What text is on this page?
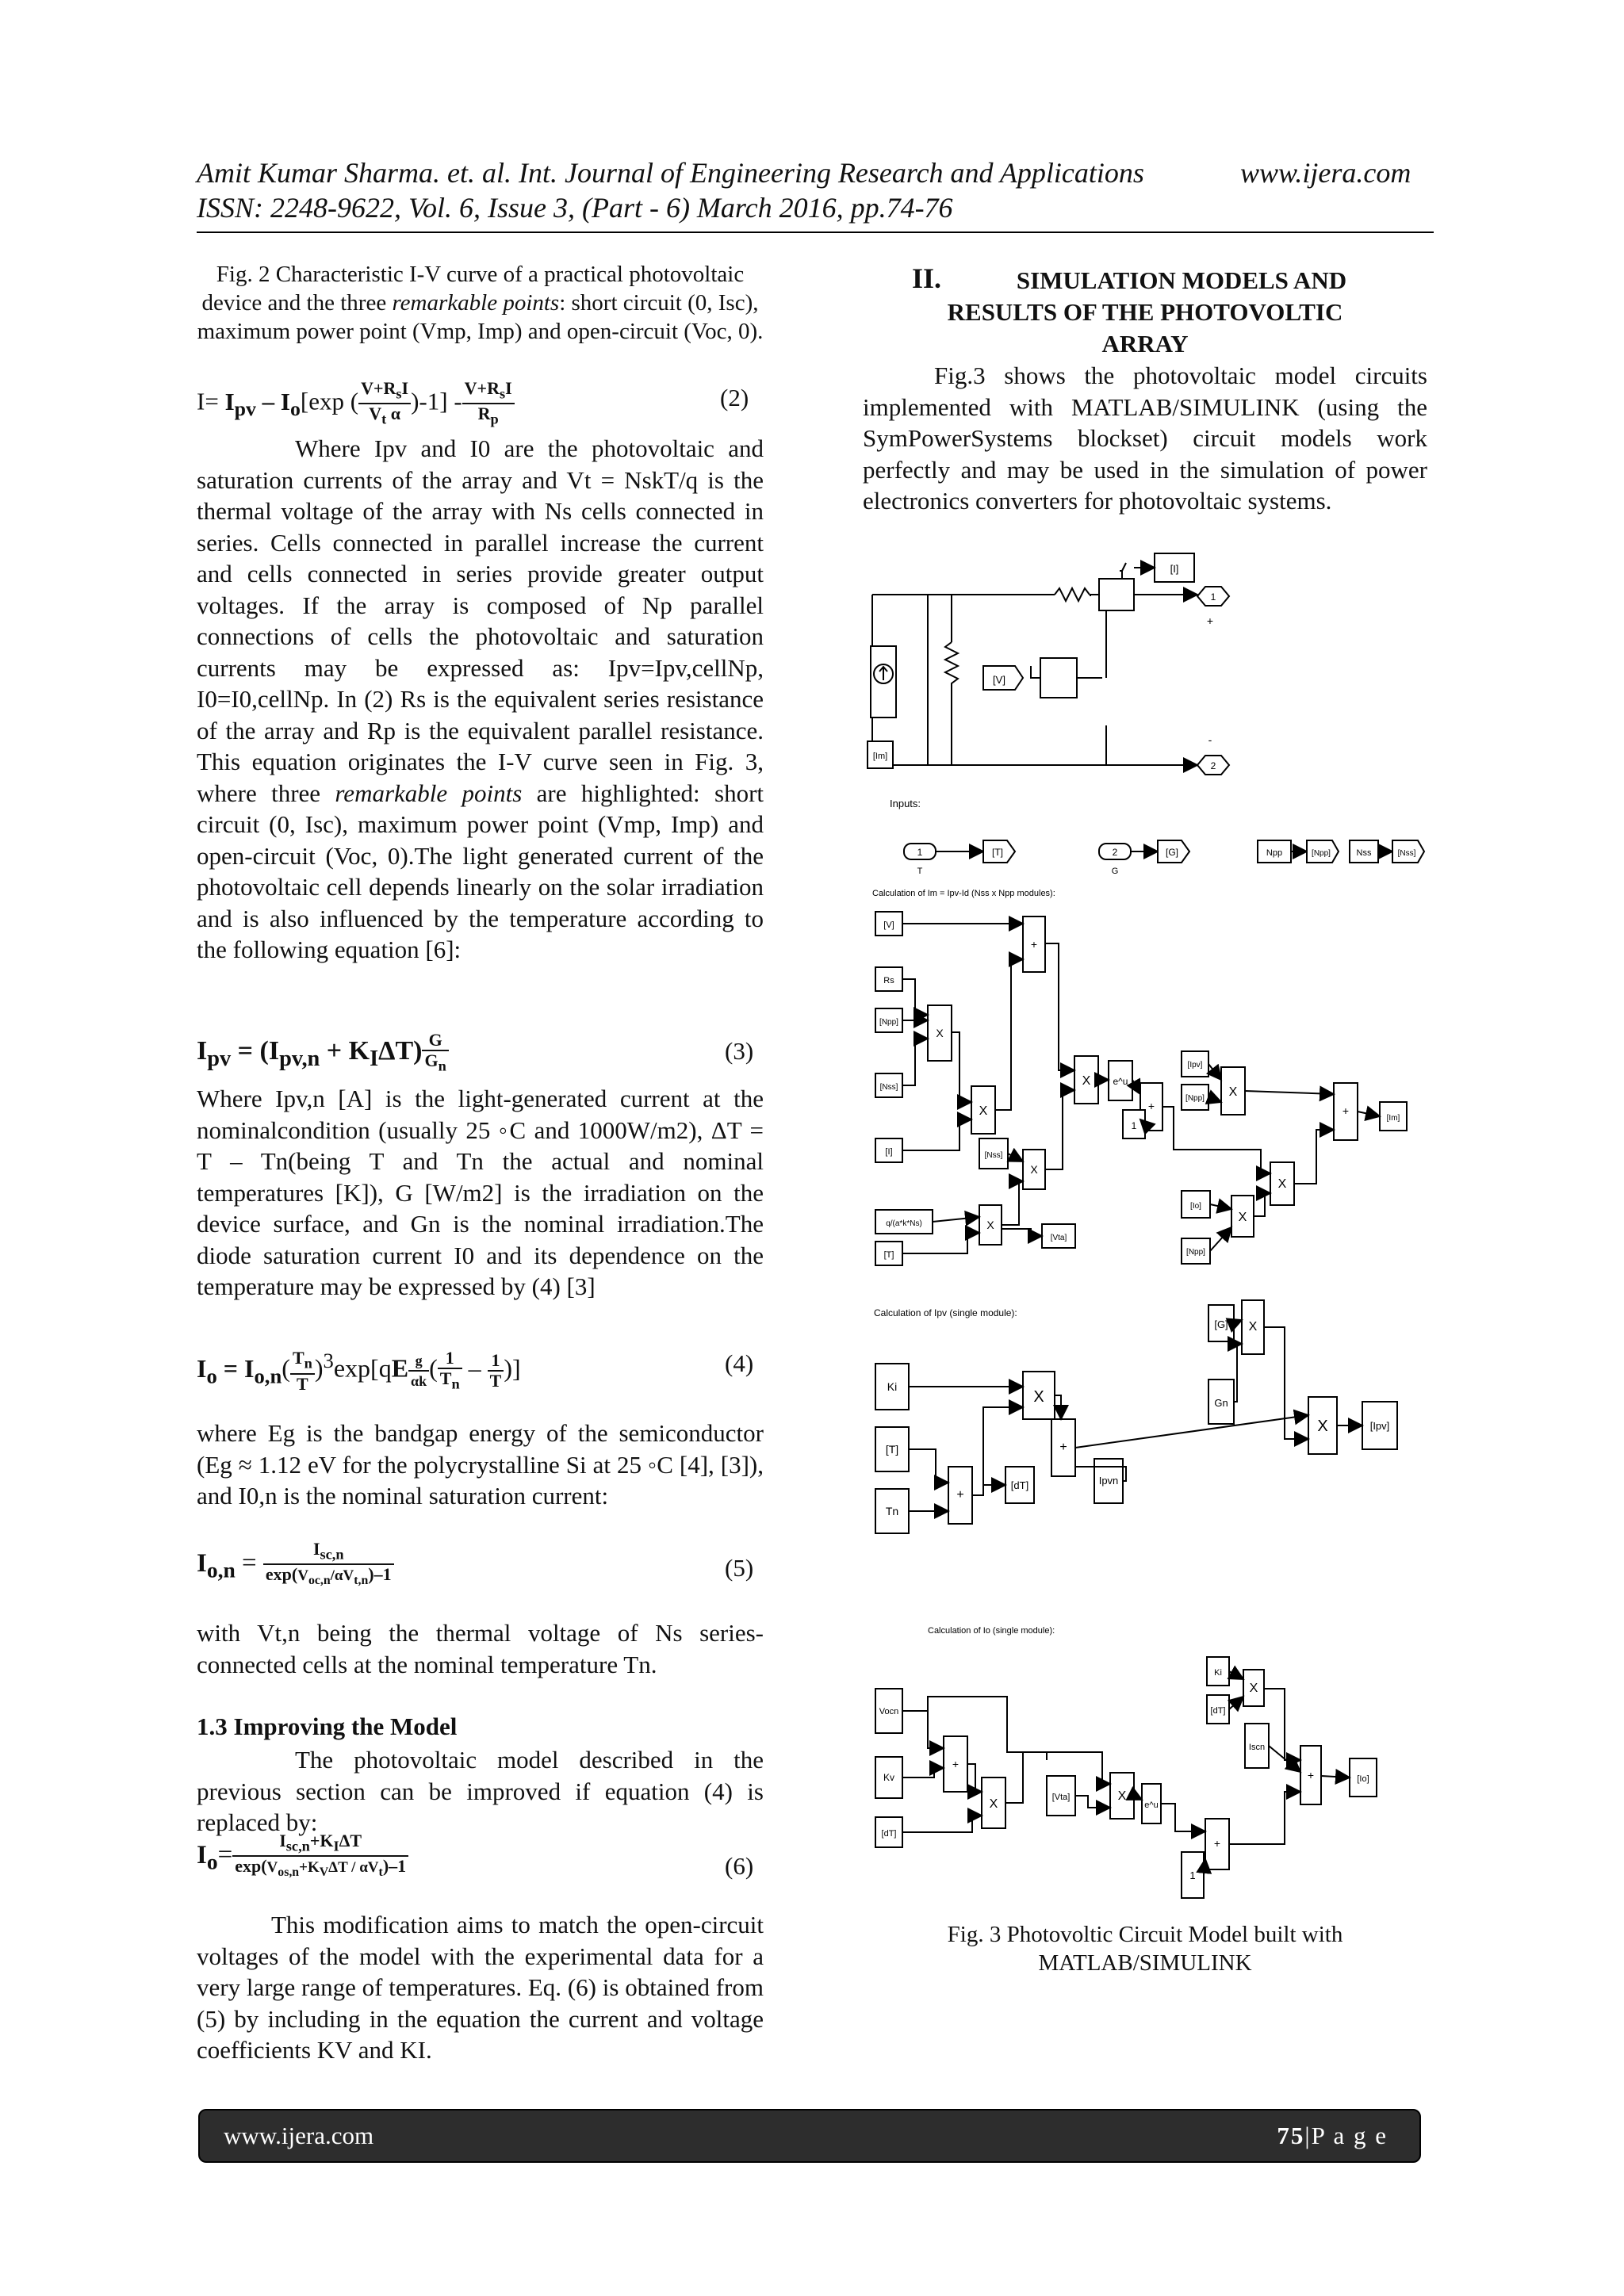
Amit Kumar Sharma. et. al. Int. Journal of Engineering Research and Applications	www.ijera.com
ISSN: 2248-9622, Vol. 6, Issue 3, (Part - 6) March 2016, pp.74-76
Fig. 2 Characteristic I-V curve of a practical photovoltaic device and the three remarkable points: short circuit (0, Isc), maximum power point (Vmp, Imp) and open-circuit (Voc, 0).
$I= I_{pv} - I_o[\exp$ ( $\frac{V+R_sI}{V_t \alpha} )-1] - \frac{V+R_sI}{R_p}$	(2)
Where Ipv and I0 are the photovoltaic and saturation currents of the array and Vt = NskT/q is the thermal voltage of the array with Ns cells connected in series. Cells connected in parallel increase the current and cells connected in series provide greater output voltages. If the array is composed of Np parallel connections of cells the photovoltaic and saturation currents may be expressed as: Ipv=Ipv,cellNp, I0=I0,cellNp. In (2) Rs is the equivalent series resistance of the array and Rp is the equivalent parallel resistance. This equation originates the I-V curve seen in Fig. 3, where three remarkable points are highlighted: short circuit (0, Isc), maximum power point (Vmp, Imp) and open-circuit (Voc, 0).The light generated current of the photovoltaic cell depends linearly on the solar irradiation and is also influenced by the temperature according to the following equation [6]:
$I_{pv} = (I_{pv,n} + K_I\Delta T) \frac{G}{G_n}$	(3)
Where Ipv,n [A] is the light-generated current at the nominalcondition (usually 25 ◦C and 1000W/m2), ΔT = T – Tn(being T and Tn the actual and nominal temperatures [K]), G [W/m2] is the irradiation on the device surface, and Gn is the nominal irradiation.The diode saturation current I0 and its dependence on the temperature may be expressed by (4) [3]
$I_o = I_{o,n}( \frac{T_n}{T} )^3\exp[qE \frac{g}{\alpha k}$ ( $\frac{1}{T_n} - \frac{1}{T}$ )]	(4)
where Eg is the bandgap energy of the semiconductor (Eg ≈ 1.12 eV for the polycrystalline Si at 25 ◦C [4], [3]), and I0,n is the nominal saturation current:
$I_{o,n} = \frac{I_{sc,n}}{\exp(V_{oc,n}/\alpha V_{t,n})-1}$	(5)
with Vt,n being the thermal voltage of Ns series-connected cells at the nominal temperature Tn.
1.3 Improving the Model
The photovoltaic model described in the previous section can be improved if equation (4) is replaced by:
$I_o= \frac{I_{sc,n}+K_I\Delta T}{\exp(V_{os,n}+K_V\Delta T / \alpha V_t)-1}$	(6)
This modification aims to match the open-circuit voltages of the model with the experimental data for a very large range of temperatures. Eq. (6) is obtained from (5) by including in the equation the current and voltage coefficients KV and KI.
II.	SIMULATION MODELS AND
RESULTS OF THE PHOTOVOLTIC
ARRAY
Fig.3 shows the photovoltaic model circuits implemented with MATLAB/SIMULINK (using the SymPowerSystems blockset) circuit models work perfectly and may be used in the simulation of power electronics converters for photovoltaic systems.
[I]
[V]
[Im]
1
+
2
-
Inputs:
1
T
[T]	2
G
[G]	Npp	[Npp]	Nss	[Nss]
Calculation of Im = Ipv-Id (Nss x Npp modules):
[V]
Rs
[Npp]
[Nss]
[I]
q/(a*k*Ns)
[T]
X
X
+
[Nss]
X
X
[Vta]
X e^u
+
1
[Ipv]
[Npp] X
[Io]
[Npp]
X
X
+
[Im]
Calculation of Ipv (single module):
Ki
[T]
Tn
X
+
[dT]
+
Ipvn
[G] X
Gn
X	[Ipv]
Calculation of Io (single module):
Vocn
Kv
[dT]
+
X	[Vta]	X
e^u
+
1
Ki
[dT]
X
Iscn
+	[Io]
Fig. 3 Photovoltic Circuit Model built with
MATLAB/SIMULINK
www.ijera.com	75|P a g e
